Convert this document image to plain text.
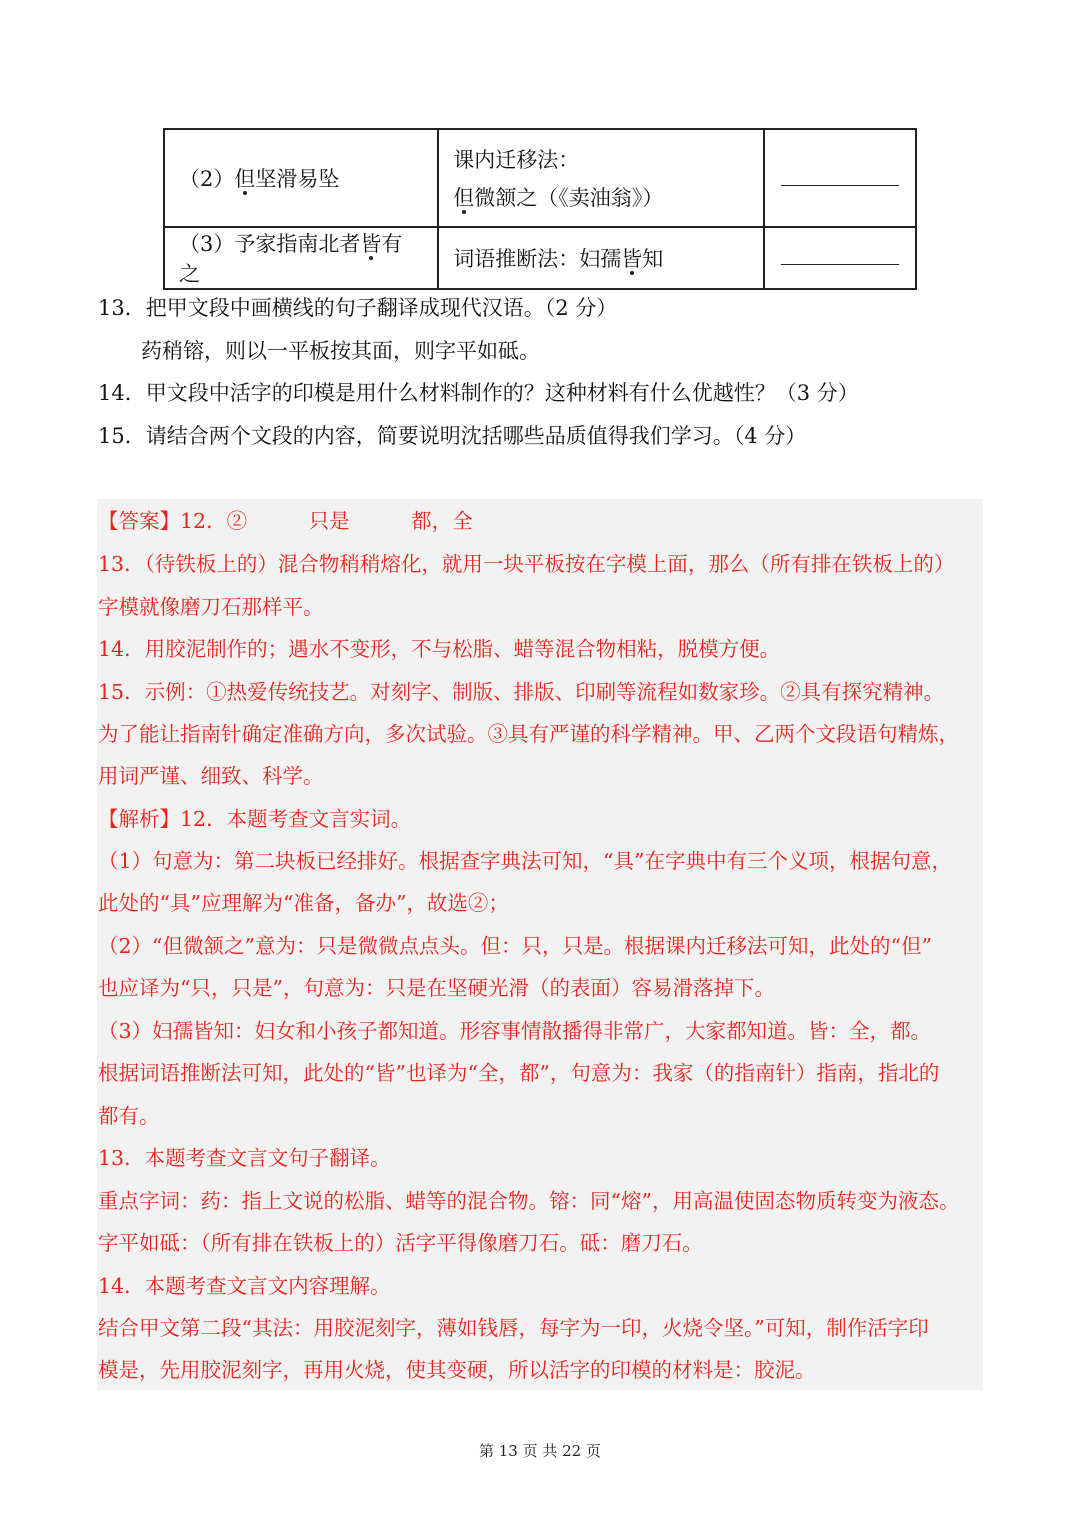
（2）但坚滑易坠	课内迁移法：
但微颔之（《卖油翁》）	

（3）予家指南北者皆有之	词语推断法：妇孺皆知	
13．把甲文段中画横线的句子翻译成现代汉语。（2 分）
药稍镕，则以一平板按其面，则字平如砥。
14．甲文段中活字的印模是用什么材料制作的？这种材料有什么优越性？（3 分）
15．请结合两个文段的内容，简要说明沈括哪些品质值得我们学习。（4 分）
【答案】12．②　　　只是　　　都，全
13．（待铁板上的）混合物稍稍熔化，就用一块平板按在字模上面，那么（所有排在铁板上的）
字模就像磨刀石那样平。
14．用胶泥制作的；遇水不变形，不与松脂、蜡等混合物相粘，脱模方便。
15．示例：①热爱传统技艺。对刻字、制版、排版、印刷等流程如数家珍。②具有探究精神。
为了能让指南针确定准确方向，多次试验。③具有严谨的科学精神。甲、乙两个文段语句精炼，
用词严谨、细致、科学。
【解析】12．本题考查文言实词。
（1）句意为：第二块板已经排好。根据查字典法可知，“具”在字典中有三个义项，根据句意，
此处的“具”应理解为“准备，备办”，故选②；
（2）“但微颔之”意为：只是微微点点头。但：只，只是。根据课内迁移法可知，此处的“但”
也应译为“只，只是”，句意为：只是在坚硬光滑（的表面）容易滑落掉下。
（3）妇孺皆知：妇女和小孩子都知道。形容事情散播得非常广，大家都知道。皆：全，都。
根据词语推断法可知，此处的“皆”也译为“全，都”，句意为：我家（的指南针）指南，指北的
都有。
13．本题考查文言文句子翻译。
重点字词：药：指上文说的松脂、蜡等的混合物。镕：同“熔”，用高温使固态物质转变为液态。
字平如砥：（所有排在铁板上的）活字平得像磨刀石。砥：磨刀石。
14．本题考查文言文内容理解。
结合甲文第二段“其法：用胶泥刻字，薄如钱唇，每字为一印，火烧令坚。”可知，制作活字印
模是，先用胶泥刻字，再用火烧，使其变硬，所以活字的印模的材料是：胶泥。
第 13 页 共 22 页
